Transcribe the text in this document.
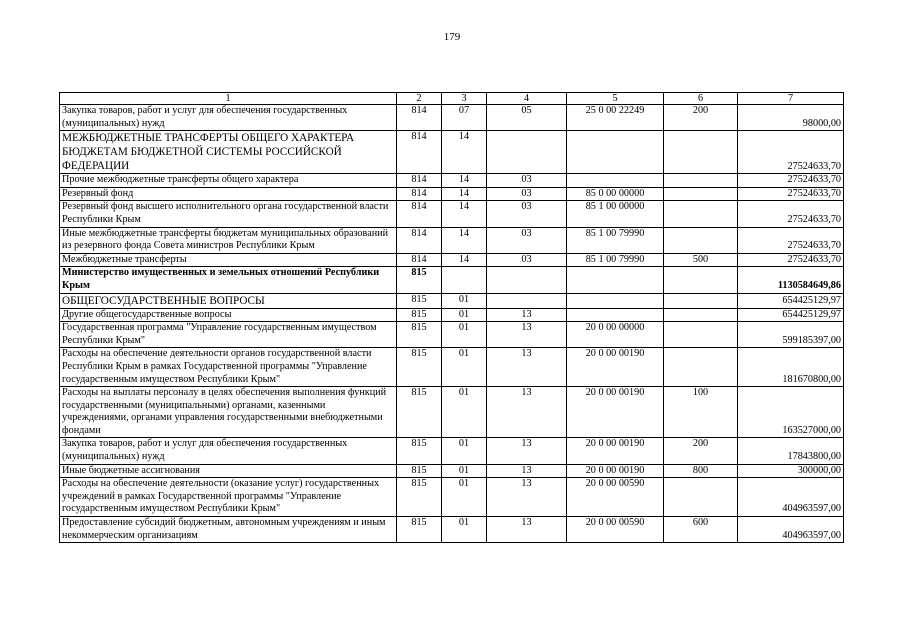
179
1	2	3	4	5	6	7
Закупка товаров, работ и услуг для обеспечения государственных (муниципальных) нужд	814	07	05	25 0 00 22249	200	98000,00
МЕЖБЮДЖЕТНЫЕ ТРАНСФЕРТЫ ОБЩЕГО ХАРАКТЕРА БЮДЖЕТАМ БЮДЖЕТНОЙ СИСТЕМЫ РОССИЙСКОЙ ФЕДЕРАЦИИ	814	14				27524633,70
Прочие межбюджетные трансферты общего характера	814	14	03			27524633,70
Резервный фонд	814	14	03	85 0 00 00000		27524633,70
Резервный фонд высшего исполнительного органа государственной власти Республики Крым	814	14	03	85 1 00 00000		27524633,70
Иные межбюджетные трансферты бюджетам муниципальных образований из резервного фонда Совета министров Республики Крым	814	14	03	85 1 00 79990		27524633,70
Межбюджетные трансферты	814	14	03	85 1 00 79990	500	27524633,70
Министерство имущественных и земельных отношений Республики Крым	815					1130584649,86
ОБЩЕГОСУДАРСТВЕННЫЕ ВОПРОСЫ	815	01				654425129,97
Другие общегосударственные вопросы	815	01	13			654425129,97
Государственная программа "Управление государственным имуществом Республики Крым"	815	01	13	20 0 00 00000		599185397,00
Расходы на обеспечение деятельности органов государственной власти Республики Крым в рамках Государственной программы "Управление государственным имуществом Республики Крым"	815	01	13	20 0 00 00190		181670800,00
Расходы на выплаты персоналу в целях обеспечения выполнения функций государственными (муниципальными) органами, казенными учреждениями, органами управления государственными внебюджетными фондами	815	01	13	20 0 00 00190	100	163527000,00
Закупка товаров, работ и услуг для обеспечения государственных (муниципальных) нужд	815	01	13	20 0 00 00190	200	17843800,00
Иные бюджетные ассигнования	815	01	13	20 0 00 00190	800	300000,00
Расходы на обеспечение деятельности (оказание услуг) государственных учреждений в рамках Государственной программы "Управление государственным имуществом Республики Крым"	815	01	13	20 0 00 00590		404963597,00
Предоставление субсидий бюджетным, автономным учреждениям и иным некоммерческим организациям	815	01	13	20 0 00 00590	600	404963597,00
